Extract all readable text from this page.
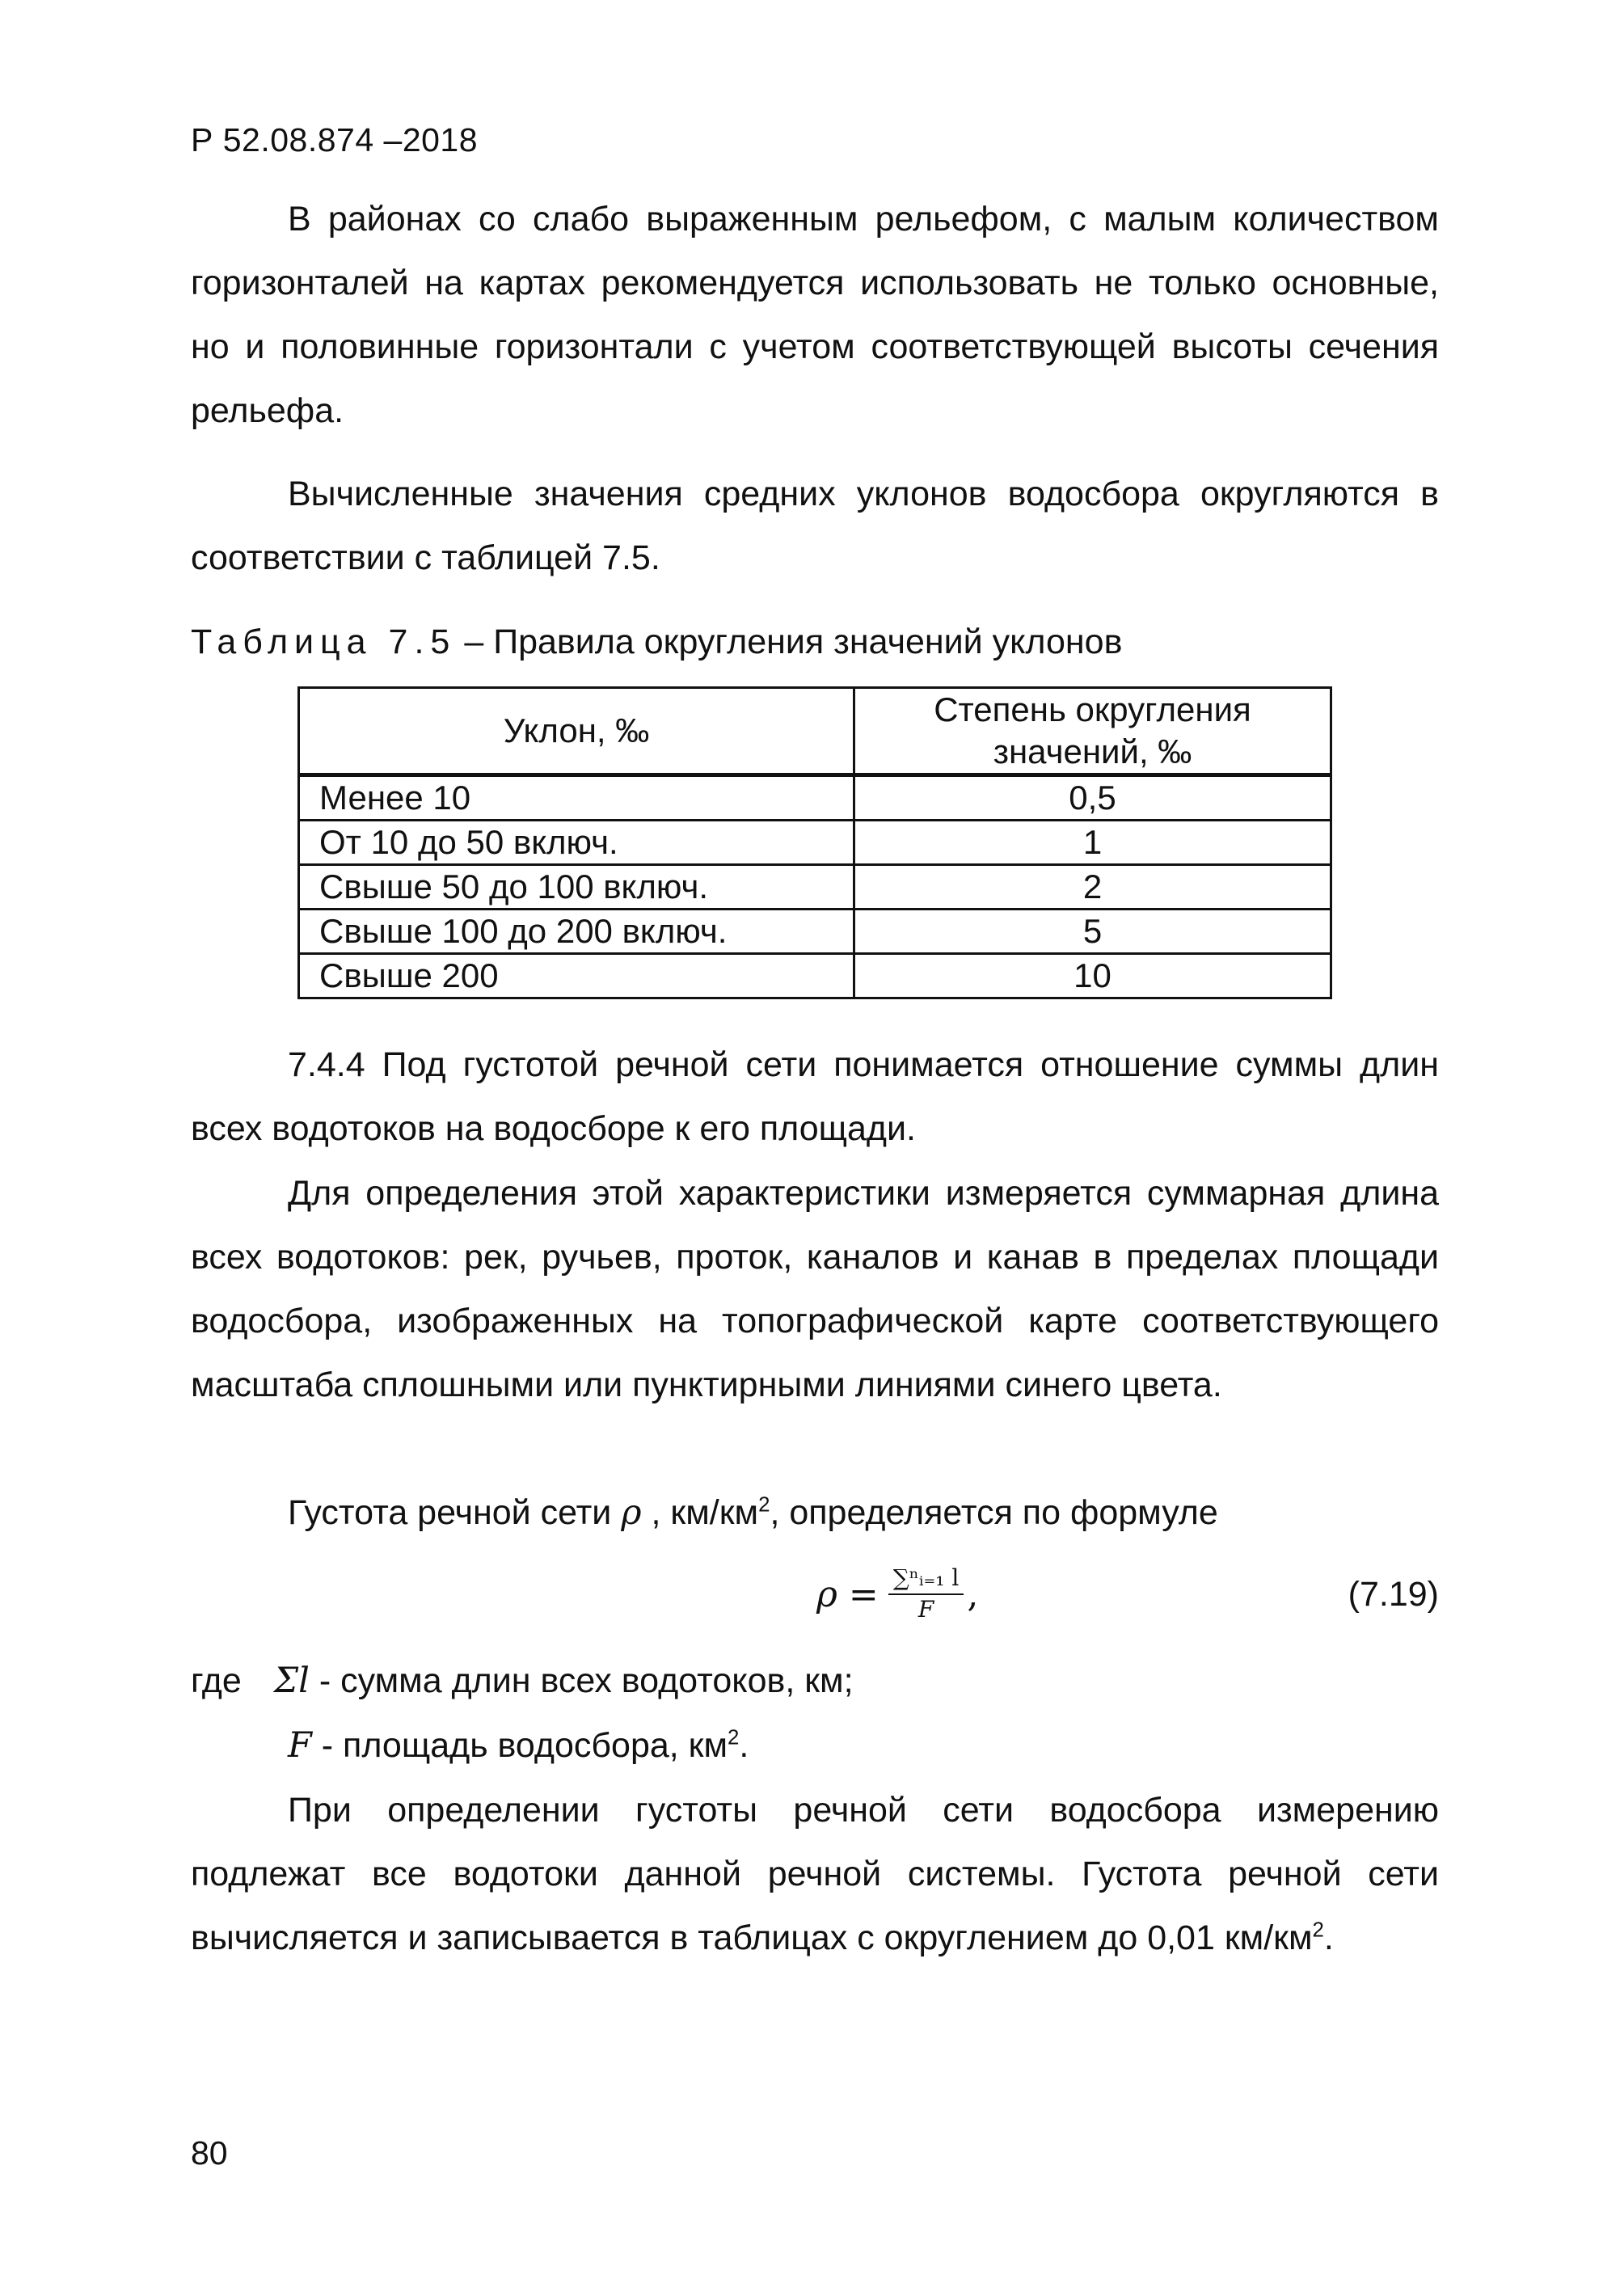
Р 52.08.874 –2018

В районах со слабо выраженным рельефом, с малым количеством горизонталей на картах рекомендуется использовать не только основные, но и половинные горизонтали с учетом соответствующей высоты сечения рельефа.

Вычисленные значения средних уклонов водосбора округляются в соответствии с таблицей 7.5.

Таблица 7.5 – Правила округления значений уклонов
Уклон, ‰	Степень округления значений, ‰
Менее 10	0,5
От 10 до 50 включ.	1
Свыше 50 до 100 включ.	2
Свыше 100 до 200 включ.	5
Свыше 200	10

7.4.4 Под густотой речной сети понимается отношение суммы длин всех водотоков на водосборе к его площади.

Для определения этой характеристики измеряется суммарная длина всех водотоков: рек, ручьев, проток, каналов и канав в пределах площади водосбора, изображенных на топографической карте соответствующего масштаба сплошными или пунктирными линиями синего цвета.

Густота речной сети ρ , $км/км^2$, определяется по формуле

$\rho = \frac{\text{∑ⁿᵢ₌₁ l}}{F}$ ,	(7.19)
где Σl - сумма длин всех водотоков, км;
F - площадь водосбора, $км^2$.

При определении густоты речной сети водосбора измерению подлежат все водотоки данной речной системы. Густота речной сети вычисляется и записывается в таблицах с округлением до 0,01 $км/км^2$.

80
